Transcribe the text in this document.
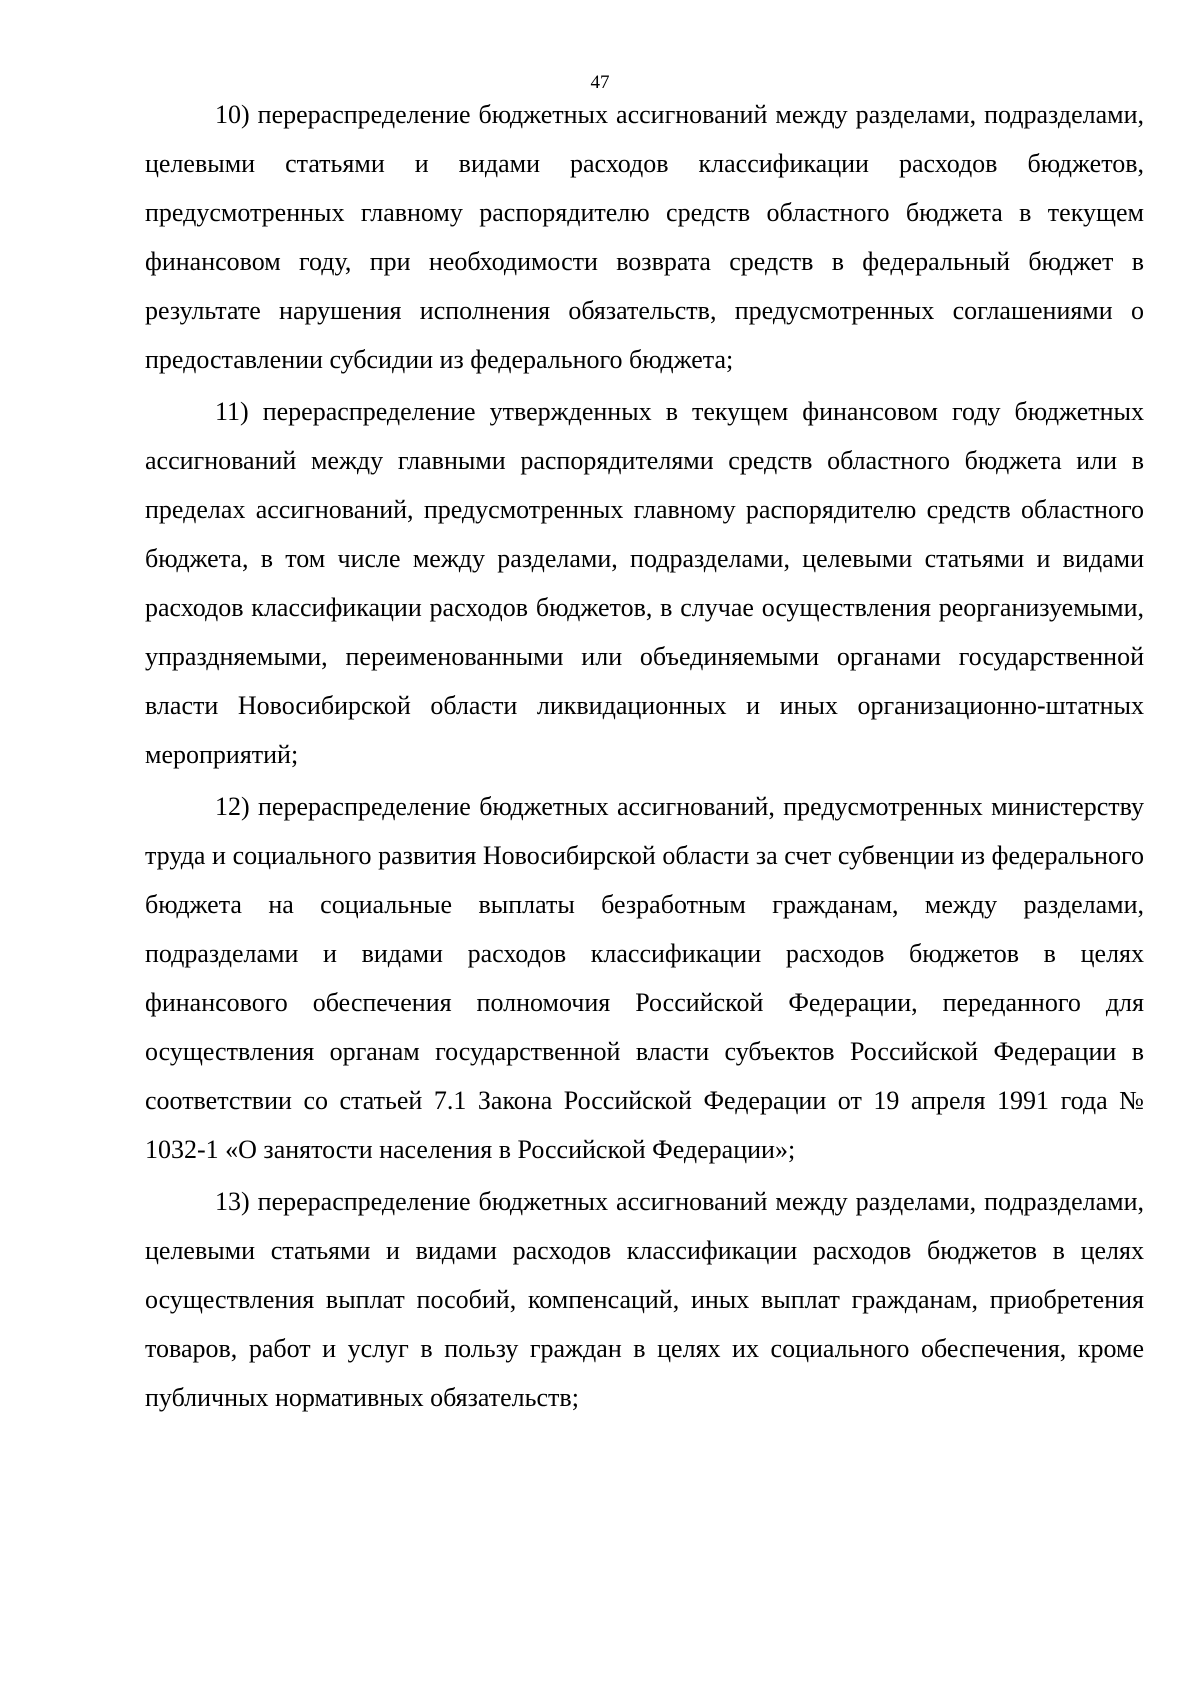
47

10) перераспределение бюджетных ассигнований между разделами, подразделами, целевыми статьями и видами расходов классификации расходов бюджетов, предусмотренных главному распорядителю средств областного бюджета в текущем финансовом году, при необходимости возврата средств в федеральный бюджет в результате нарушения исполнения обязательств, предусмотренных соглашениями о предоставлении субсидии из федерального бюджета;

11) перераспределение утвержденных в текущем финансовом году бюджетных ассигнований между главными распорядителями средств областного бюджета или в пределах ассигнований, предусмотренных главному распорядителю средств областного бюджета, в том числе между разделами, подразделами, целевыми статьями и видами расходов классификации расходов бюджетов, в случае осуществления реорганизуемыми, упраздняемыми, переименованными или объединяемыми органами государственной власти Новосибирской области ликвидационных и иных организационно-штатных мероприятий;

12) перераспределение бюджетных ассигнований, предусмотренных министерству труда и социального развития Новосибирской области за счет субвенции из федерального бюджета на социальные выплаты безработным гражданам, между разделами, подразделами и видами расходов классификации расходов бюджетов в целях финансового обеспечения полномочия Российской Федерации, переданного для осуществления органам государственной власти субъектов Российской Федерации в соответствии со статьей 7.1 Закона Российской Федерации от 19 апреля 1991 года № 1032-1 «О занятости населения в Российской Федерации»;

13) перераспределение бюджетных ассигнований между разделами, подразделами, целевыми статьями и видами расходов классификации расходов бюджетов в целях осуществления выплат пособий, компенсаций, иных выплат гражданам, приобретения товаров, работ и услуг в пользу граждан в целях их социального обеспечения, кроме публичных нормативных обязательств;
